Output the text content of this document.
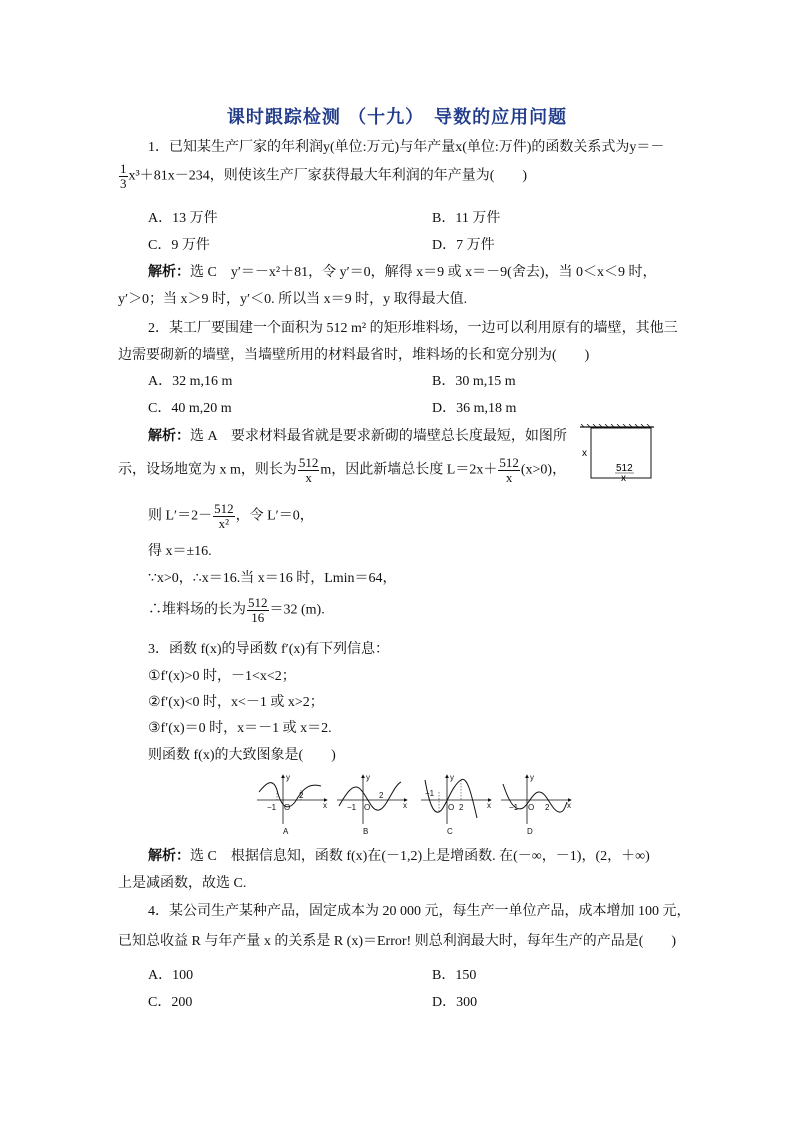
课时跟踪检测 （十九）　导数的应用问题
1．已知某生产厂家的年利润y(单位:万元)与年产量x(单位:万件)的函数关系式为y＝－
$\frac{1}{3} x^3+81x-234$，则使该生产厂家获得最大年利润的年产量为(　　)
A．13 万件	B．11 万件
C．9 万件	D．7 万件
解析：选 C　y′＝－x²＋81，令 y′＝0，解得 x＝9 或 x＝－9(舍去)，当 0＜x＜9 时，
y′＞0；当 x＞9 时，y′＜0. 所以当 x＝9 时，y 取得最大值.
2．某工厂要围建一个面积为 512 m² 的矩形堆料场，一边可以利用原有的墙壁，其他三
边需要砌新的墙壁，当墙壁所用的材料最省时，堆料场的长和宽分别为(　　)
A．32 m,16 m	B．30 m,15 m
C．40 m,20 m	D．36 m,18 m
解析：选 A　要求材料最省就是要求新砌的墙壁总长度最短，如图所
示，设场地宽为 x m，则长为 $\frac{512}{x}$ m，因此新墙总长度 $L=2x+ \frac{512}{x} (x>0)$，
则 $L'=2- \frac{512}{\text{x²}}$ ，令 L′＝0，
得 x＝±16.
∵x>0，∴x＝16.当 x＝16 时，Lmin＝64，
∴堆料场的长为 $\frac{512}{16} =32$ (m).
x
512
x
3．函数 f(x)的导函数 f′(x)有下列信息：
①f′(x)>0 时，－1<x<2；
②f′(x)<0 时，x<－1 或 x>2；
③f′(x)＝0 时，x＝－1 或 x＝2.
则函数 f(x)的大致图象是(　　)
−1 O
2
y
x
A
−1 O
2
y
x
B
−1
O 2
y
x
C
−1 O 2
y
x
D
解析：选 C　根据信息知，函数 f(x)在(－1,2)上是增函数. 在(－∞，－1)，(2，＋∞)
上是减函数，故选 C.
4．某公司生产某种产品，固定成本为 20 000 元，每生产一单位产品，成本增加 100 元，
已知总收益 R 与年产量 x 的关系是 R (x)＝Error! 则总利润最大时，每年生产的产品是(　　)
A．100	B．150
C．200	D．300
